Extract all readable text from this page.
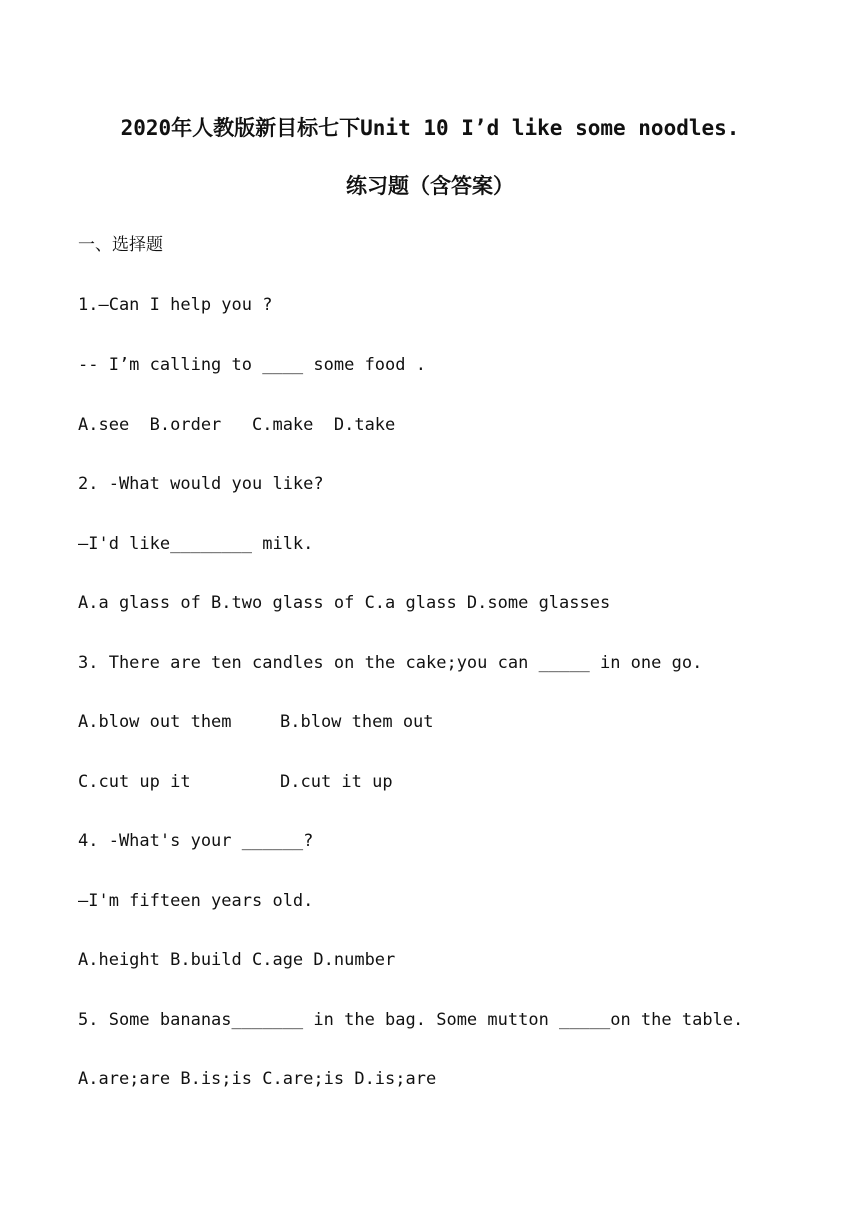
2020年人教版新目标七下Unit 10 I’d like some noodles.
练习题（含答案）
一、选择题
1.—Can I help you ?
-- I’m calling to ____ some food .
A.see  B.order   C.make  D.take
2. -What would you like?
—I'd like________ milk.
A.a glass of B.two glass of C.a glass D.some glasses
3. There are ten candles on the cake;you can _____ in one go.
A.blow out them	B.blow them out
C.cut up it	D.cut it up
4. -What's your ______?
—I'm fifteen years old.
A.height B.build C.age D.number
5. Some bananas_______ in the bag. Some mutton _____on the table.
A.are;are B.is;is C.are;is D.is;are
